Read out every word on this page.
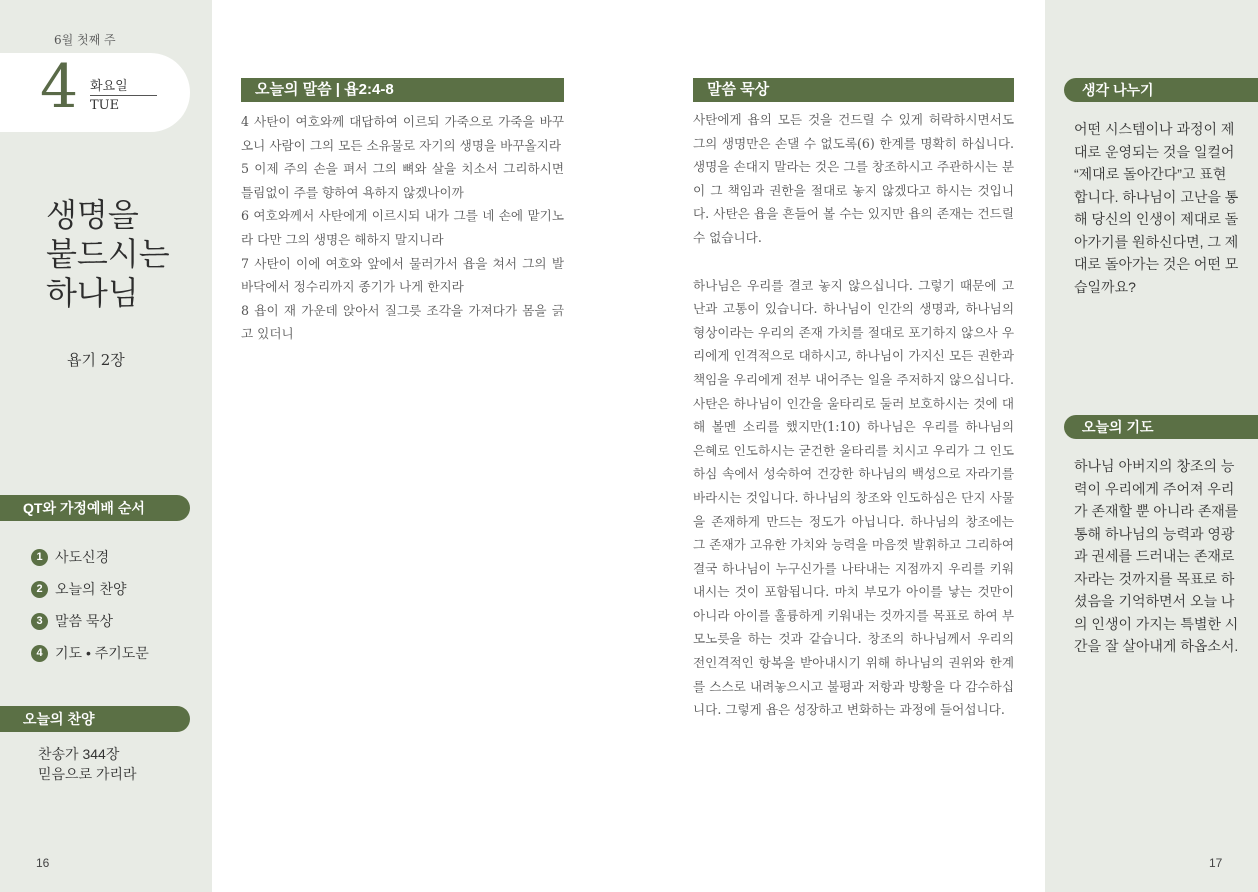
6월 첫째 주
4 화요일
TUE
생명을
붙드시는
하나님
욥기 2장
QT와 가정예배 순서
1 사도신경
2 오늘의 찬양
3 말씀 묵상
4 기도 • 주기도문
오늘의 찬양
찬송가 344장
믿음으로 가리라
16
오늘의 말씀 | 욥2:4-8
4 사탄이 여호와께 대답하여 이르되 가죽으로 가죽을 바꾸오니 사람이 그의 모든 소유물로 자기의 생명을 바꾸올지라
5 이제 주의 손을 펴서 그의 뼈와 살을 치소서 그리하시면 틀림없이 주를 향하여 욕하지 않겠나이까
6 여호와께서 사탄에게 이르시되 내가 그를 네 손에 맡기노라 다만 그의 생명은 해하지 말지니라
7 사탄이 이에 여호와 앞에서 물러가서 욥을 쳐서 그의 발바닥에서 정수리까지 종기가 나게 한지라
8 욥이 재 가운데 앉아서 질그릇 조각을 가져다가 몸을 긁고 있더니
말씀 묵상
사탄에게 욥의 모든 것을 건드릴 수 있게 허락하시면서도 그의 생명만은 손댈 수 없도록(6) 한계를 명확히 하십니다. 생명을 손대지 말라는 것은 그를 창조하시고 주관하시는 분이 그 책임과 권한을 절대로 놓지 않겠다고 하시는 것입니다. 사탄은 욥을 흔들어 볼 수는 있지만 욥의 존재는 건드릴 수 없습니다.
하나님은 우리를 결코 놓지 않으십니다. 그렇기 때문에 고난과 고통이 있습니다. 하나님이 인간의 생명과, 하나님의 형상이라는 우리의 존재 가치를 절대로 포기하지 않으사 우리에게 인격적으로 대하시고, 하나님이 가지신 모든 권한과 책임을 우리에게 전부 내어주는 일을 주저하지 않으십니다. 사탄은 하나님이 인간을 울타리로 둘러 보호하시는 것에 대해 볼멘 소리를 했지만(1:10) 하나님은 우리를 하나님의 은혜로 인도하시는 굳건한 울타리를 치시고 우리가 그 인도하심 속에서 성숙하여 건강한 하나님의 백성으로 자라기를 바라시는 것입니다. 하나님의 창조와 인도하심은 단지 사물을 존재하게 만드는 정도가 아닙니다. 하나님의 창조에는 그 존재가 고유한 가치와 능력을 마음껏 발휘하고 그리하여 결국 하나님이 누구신가를 나타내는 지점까지 우리를 키워내시는 것이 포함됩니다. 마치 부모가 아이를 낳는 것만이 아니라 아이를 훌륭하게 키워내는 것까지를 목표로 하여 부모노릇을 하는 것과 같습니다. 창조의 하나님께서 우리의 전인격적인 항복을 받아내시기 위해 하나님의 권위와 한계를 스스로 내려놓으시고 불평과 저항과 방황을 다 감수하십니다. 그렇게 욥은 성장하고 변화하는 과정에 들어섭니다.
생각 나누기
어떤 시스템이나 과정이 제대로 운영되는 것을 일컬어 “제대로 돌아간다”고 표현합니다. 하나님이 고난을 통해 당신의 인생이 제대로 돌아가기를 원하신다면, 그 제대로 돌아가는 것은 어떤 모습일까요?
오늘의 기도
하나님 아버지의 창조의 능력이 우리에게 주어져 우리가 존재할 뿐 아니라 존재를 통해 하나님의 능력과 영광과 권세를 드러내는 존재로 자라는 것까지를 목표로 하셨음을 기억하면서 오늘 나의 인생이 가지는 특별한 시간을 잘 살아내게 하옵소서.
17
